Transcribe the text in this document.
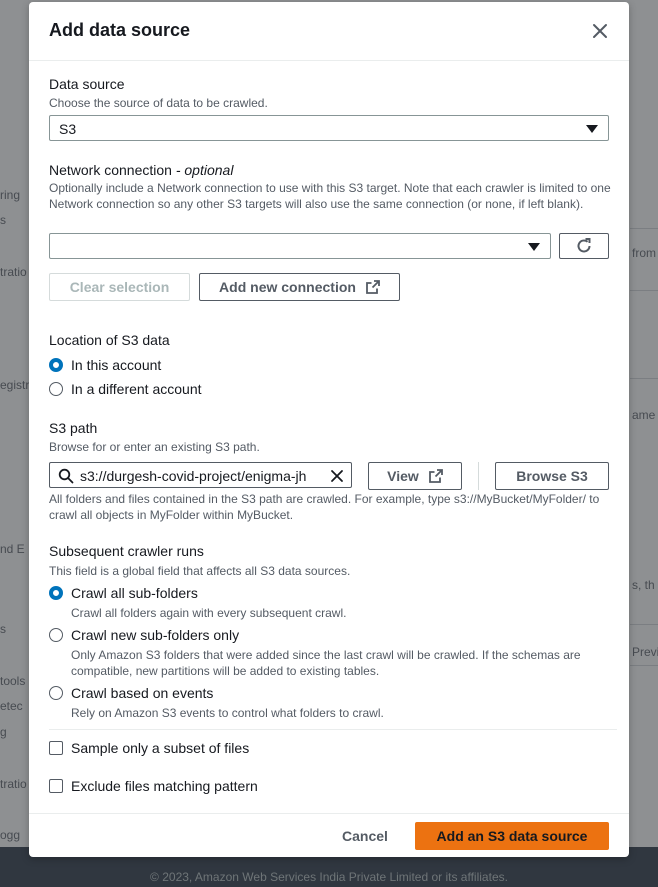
Add data source
Data source
Choose the source of data to be crawled.
S3
Network connection - optional
Optionally include a Network connection to use with this S3 target. Note that each crawler is limited to one Network connection so any other S3 targets will also use the same connection (or none, if left blank).
Clear selection	Add new connection
Location of S3 data
In this account
In a different account
S3 path
Browse for or enter an existing S3 path.
s3://durgesh-covid-project/enigma-jh	View	Browse S3
All folders and files contained in the S3 path are crawled. For example, type s3://MyBucket/MyFolder/ to crawl all objects in MyFolder within MyBucket.
Subsequent crawler runs
This field is a global field that affects all S3 data sources.
Crawl all sub-folders
Crawl all folders again with every subsequent crawl.
Crawl new sub-folders only
Only Amazon S3 folders that were added since the last crawl will be crawled. If the schemas are compatible, new partitions will be added to existing tables.
Crawl based on events
Rely on Amazon S3 events to control what folders to crawl.
Sample only a subset of files
Exclude files matching pattern
Cancel	Add an S3 data source
